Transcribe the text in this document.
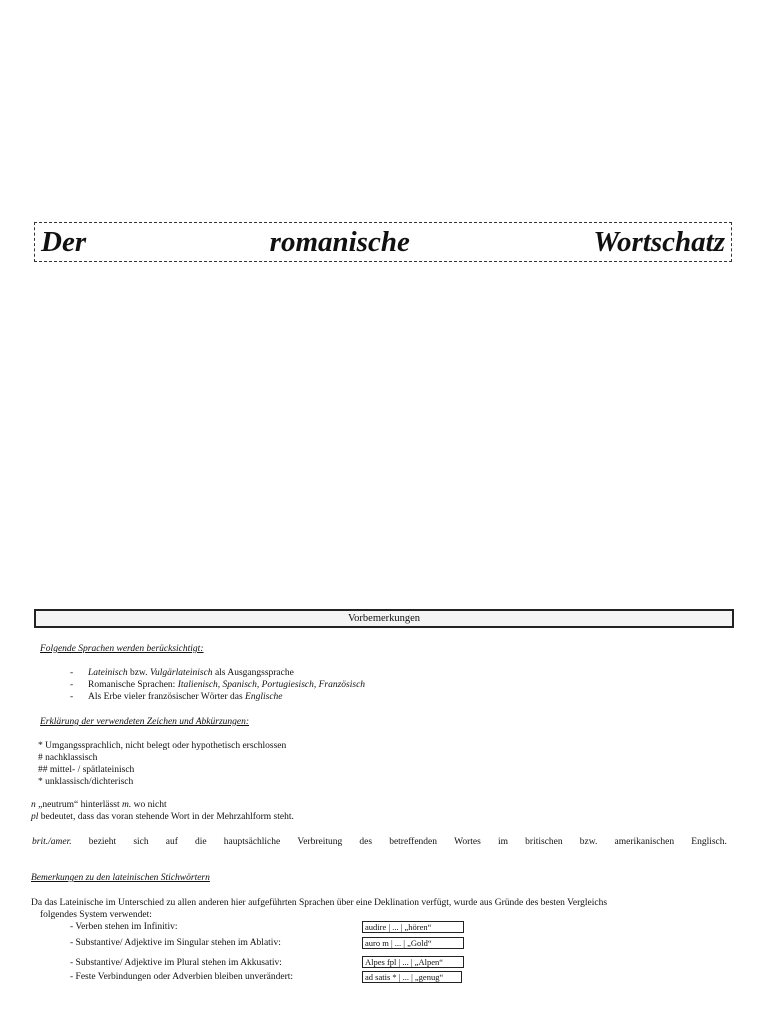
Der	romanische	Wortschatz
Vorbemerkungen
Folgende Sprachen werden berücksichtigt:
- Lateinisch bzw. Vulgärlateinisch als Ausgangssprache
- Romanische Sprachen: Italienisch, Spanisch, Portugiesisch, Französisch
- Als Erbe vieler französischer Wörter das Englische
Erklärung der verwendeten Zeichen und Abkürzungen:
* Umgangssprachlich, nicht belegt oder hypothetisch erschlossen
# nachklassisch
## mittel- / spätlateinisch
* unklassisch/dichterisch
n „neutrum“ hinterlässt m. wo nicht
pl bedeutet, dass das voran stehende Wort in der Mehrzahlform steht.
brit./amer. bezieht sich auf die hauptsächliche Verbreitung des betreffenden Wortes im britischen bzw. amerikanischen Englisch.
Bemerkungen zu den lateinischen Stichwörtern
Da das Lateinische im Unterschied zu allen anderen hier aufgeführten Sprachen über eine Deklination verfügt, wurde aus Gründe des besten Vergleichs
folgendes System verwendet:
- Verben stehen im Infinitiv:
- Substantive/ Adjektive im Singular stehen im Ablativ:
- Substantive/ Adjektive im Plural stehen im Akkusativ:
- Feste Verbindungen oder Adverbien bleiben unverändert:
audire | ... | „hören“
auro m | ... | „Gold“
Alpes fpl | ... | „Alpen“
ad satis * | ... | „genug“
